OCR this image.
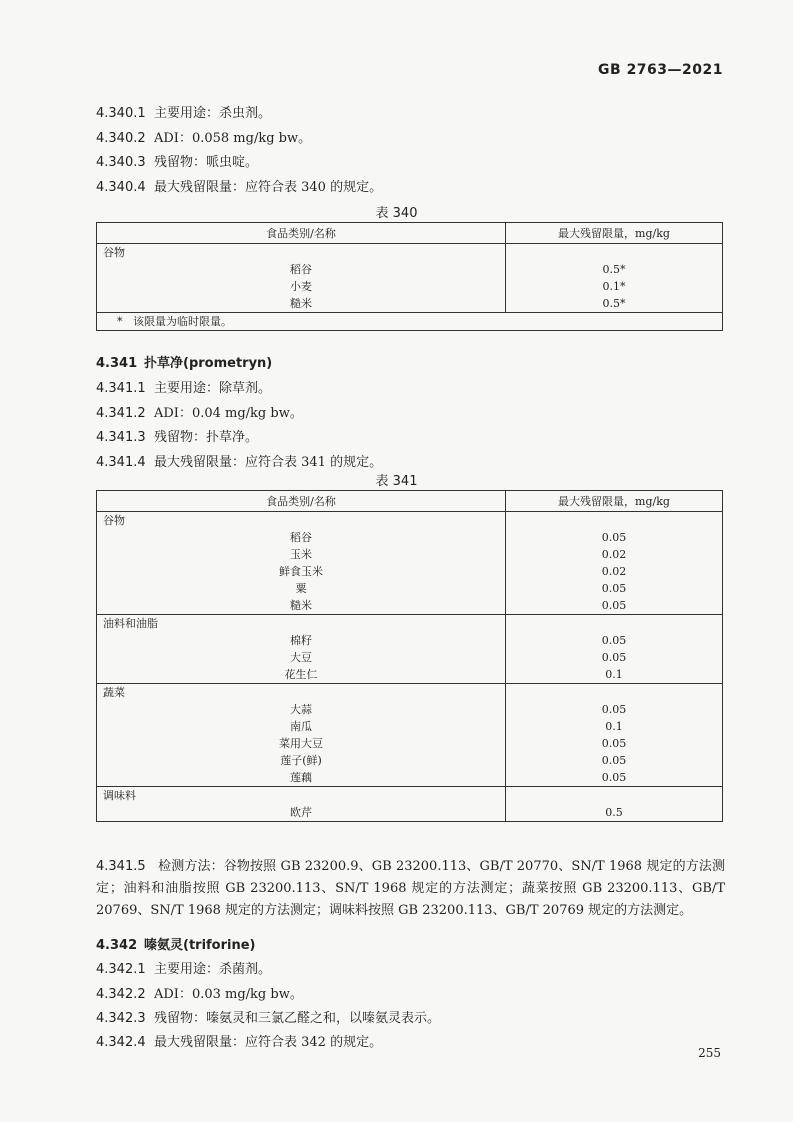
GB 2763—2021
4.340.1 主要用途：杀虫剂。
4.340.2 ADI：0.058 mg/kg bw。
4.340.3 残留物：哌虫啶。
4.340.4 最大残留限量：应符合表 340 的规定。
表 340
食品类别/名称	最大残留限量，mg/kg
谷物	
稻谷	0.5*
小麦	0.1*
糙米	0.5*
* 该限量为临时限量。	
4.341 扑草净(prometryn)
4.341.1 主要用途：除草剂。
4.341.2 ADI：0.04 mg/kg bw。
4.341.3 残留物：扑草净。
4.341.4 最大残留限量：应符合表 341 的规定。
表 341
食品类别/名称	最大残留限量，mg/kg
谷物	
稻谷	0.05
玉米	0.02
鲜食玉米	0.02
粟	0.05
糙米	0.05
油料和油脂	
棉籽	0.05
大豆	0.05
花生仁	0.1
蔬菜	
大蒜	0.05
南瓜	0.1
菜用大豆	0.05
莲子(鲜)	0.05
莲藕	0.05
调味料	
欧芹	0.5
4.341.5 检测方法：谷物按照 GB 23200.9、GB 23200.113、GB/T 20770、SN/T 1968 规定的方法测定；油料和油脂按照 GB 23200.113、SN/T 1968 规定的方法测定；蔬菜按照 GB 23200.113、GB/T 20769、SN/T 1968 规定的方法测定；调味料按照 GB 23200.113、GB/T 20769 规定的方法测定。
4.342 嗪氨灵(triforine)
4.342.1 主要用途：杀菌剂。
4.342.2 ADI：0.03 mg/kg bw。
4.342.3 残留物：嗪氨灵和三氯乙醛之和，以嗪氨灵表示。
4.342.4 最大残留限量：应符合表 342 的规定。
255
